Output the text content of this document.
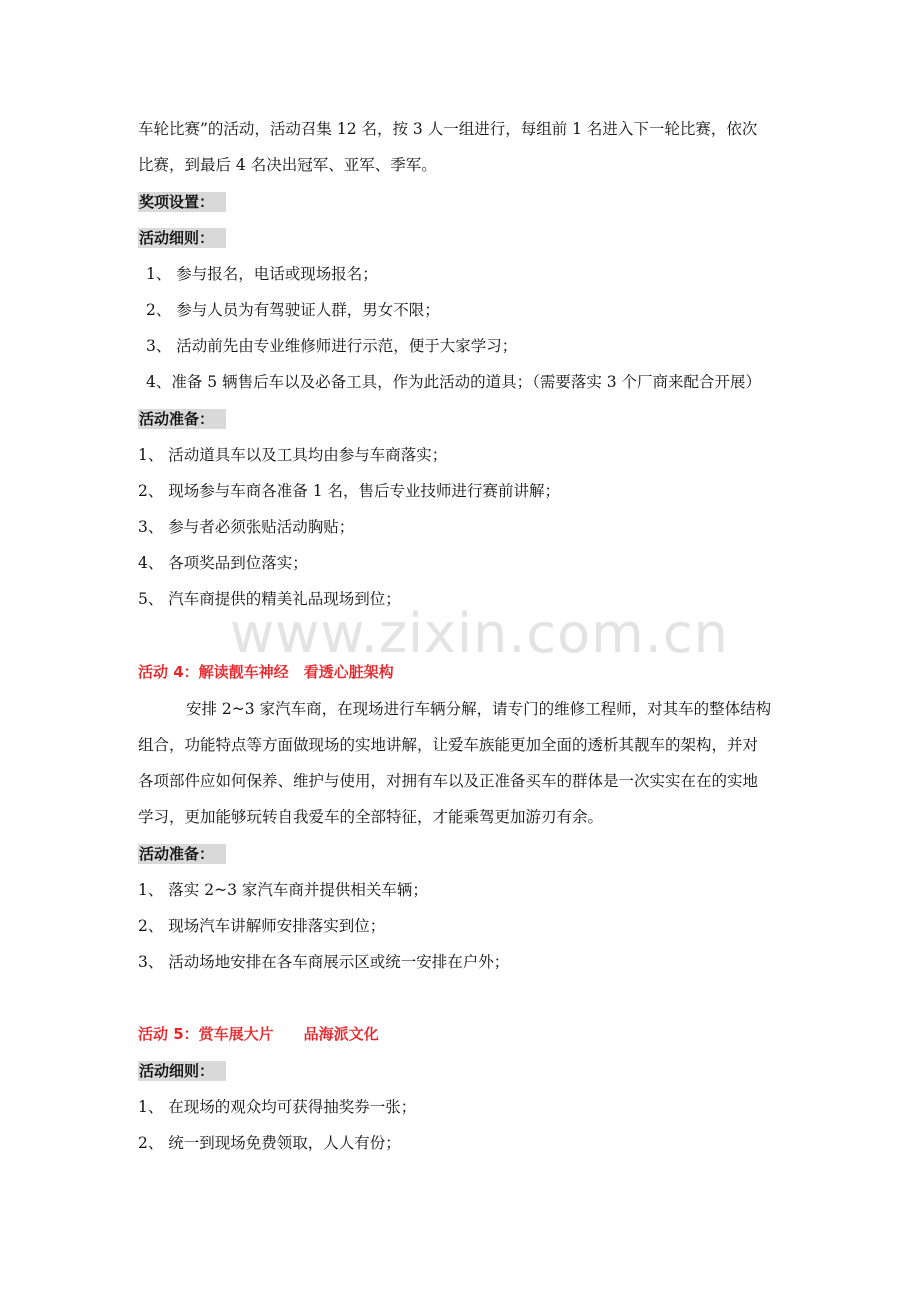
车轮比赛”的活动，活动召集 12 名，按 3 人一组进行，每组前 1 名进入下一轮比赛，依次
比赛，到最后 4 名决出冠军、亚军、季军。
奖项设置：
活动细则：
1、 参与报名，电话或现场报名；
2、 参与人员为有驾驶证人群，男女不限；
3、 活动前先由专业维修师进行示范，便于大家学习；
4、准备 5 辆售后车以及必备工具，作为此活动的道具；（需要落实 3 个厂商来配合开展）
活动准备：
1、 活动道具车以及工具均由参与车商落实；
2、 现场参与车商各准备 1 名，售后专业技师进行赛前讲解；
3、 参与者必须张贴活动胸贴；
4、 各项奖品到位落实；
5、 汽车商提供的精美礼品现场到位；
www.zixin.com.cn
活动 4：解读靓车神经　看透心脏架构
安排 2~3 家汽车商，在现场进行车辆分解，请专门的维修工程师，对其车的整体结构
组合，功能特点等方面做现场的实地讲解，让爱车族能更加全面的透析其靓车的架构，并对
各项部件应如何保养、维护与使用，对拥有车以及正准备买车的群体是一次实实在在的实地
学习，更加能够玩转自我爱车的全部特征，才能乘驾更加游刃有余。
活动准备：
1、 落实 2~3 家汽车商并提供相关车辆；
2、 现场汽车讲解师安排落实到位；
3、 活动场地安排在各车商展示区或统一安排在户外；
活动 5：赏车展大片　　品海派文化
活动细则：
1、 在现场的观众均可获得抽奖券一张；
2、 统一到现场免费领取，人人有份；
